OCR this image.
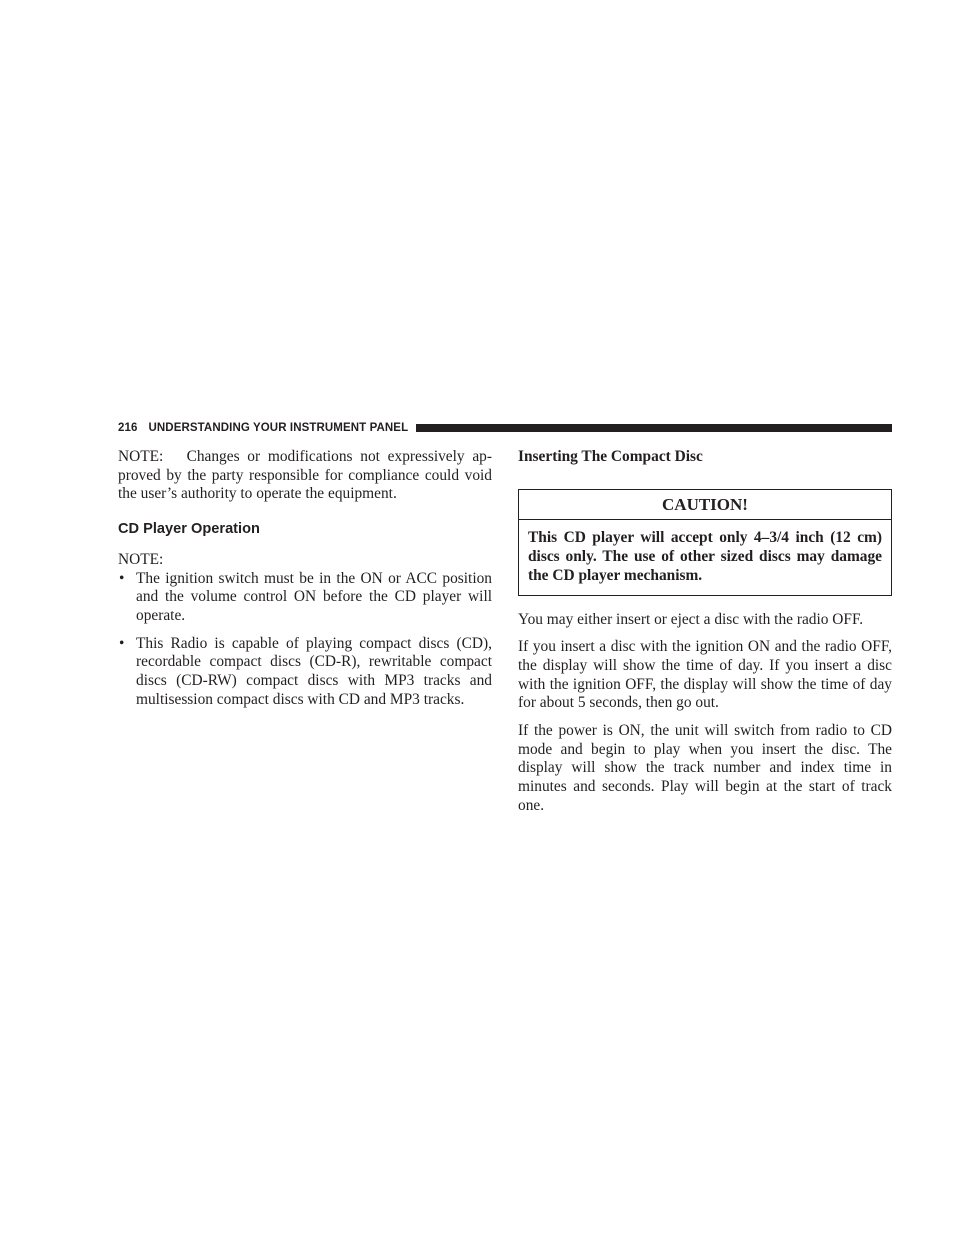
216 UNDERSTANDING YOUR INSTRUMENT PANEL

NOTE: Changes or modifications not expressively ap-proved by the party responsible for compliance could void the user’s authority to operate the equipment.

CD Player Operation
NOTE:
• The ignition switch must be in the ON or ACC position and the volume control ON before the CD player will operate.
• This Radio is capable of playing compact discs (CD), recordable compact discs (CD-R), rewritable compact discs (CD-RW) compact discs with MP3 tracks and multisession compact discs with CD and MP3 tracks.
Inserting The Compact Disc
CAUTION!
This CD player will accept only 4–3/4 inch (12 cm) discs only. The use of other sized discs may damage the CD player mechanism.

You may either insert or eject a disc with the radio OFF.

If you insert a disc with the ignition ON and the radio OFF, the display will show the time of day. If you insert a disc with the ignition OFF, the display will show the time of day for about 5 seconds, then go out.

If the power is ON, the unit will switch from radio to CD mode and begin to play when you insert the disc. The display will show the track number and index time in minutes and seconds. Play will begin at the start of track one.
